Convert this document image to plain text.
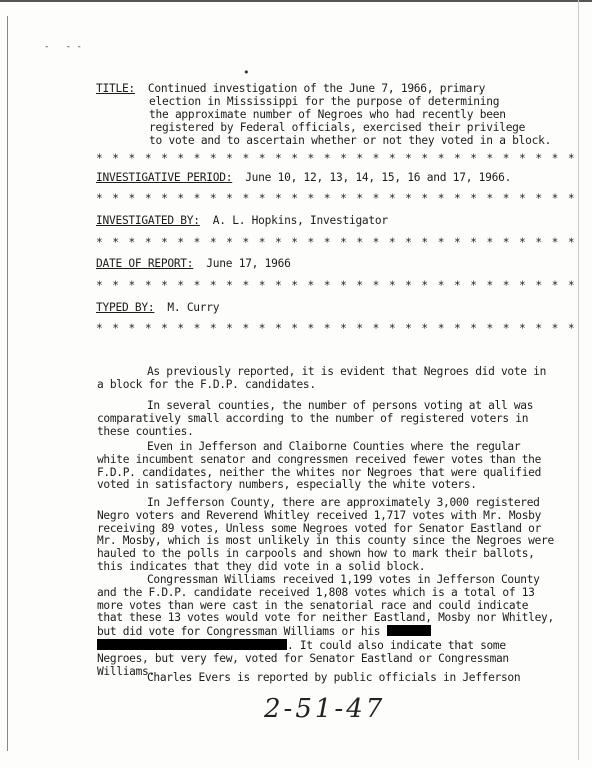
-   - -
•
TITLE: Continued investigation of the June 7, 1966, primary
election in Mississippi for the purpose of determining
the approximate number of Negroes who had recently been
registered by Federal officials, exercised their privilege
to vote and to ascertain whether or not they voted in a block.
* * * * * * * * * * * * * * * * * * * * * * * * * * * * * *
INVESTIGATIVE PERIOD: June 10, 12, 13, 14, 15, 16 and 17, 1966.
* * * * * * * * * * * * * * * * * * * * * * * * * * * * * *
INVESTIGATED BY: A. L. Hopkins, Investigator
* * * * * * * * * * * * * * * * * * * * * * * * * * * * * *
DATE OF REPORT: June 17, 1966
* * * * * * * * * * * * * * * * * * * * * * * * * * * * * *
TYPED BY: M. Curry
* * * * * * * * * * * * * * * * * * * * * * * * * * * * * *
As previously reported, it is evident that Negroes did vote in a block for the F.D.P. candidates.
In several counties, the number of persons voting at all was comparatively small according to the number of registered voters in these counties.
Even in Jefferson and Claiborne Counties where the regular white incumbent senator and congressmen received fewer votes than the F.D.P. candidates, neither the whites nor Negroes that were qualified voted in satisfactory numbers, especially the white voters.
In Jefferson County, there are approximately 3,000 registered Negro voters and Reverend Whitley received 1,717 votes with Mr. Mosby receiving 89 votes, Unless some Negroes voted for Senator Eastland or Mr. Mosby, which is most unlikely in this county since the Negroes were hauled to the polls in carpools and shown how to mark their ballots, this indicates that they did vote in a solid block.
Congressman Williams received 1,199 votes in Jefferson County and the F.D.P. candidate received 1,808 votes which is a total of 13 more votes than were cast in the senatorial race and could indicate that these 13 votes would vote for neither Eastland, Mosby nor Whitley, but did vote for Congressman Williams or his
. It could also indicate that some Negroes, but very few, voted for Senator Eastland or Congressman Williams.
Charles Evers is reported by public officials in Jefferson
2-51-47
